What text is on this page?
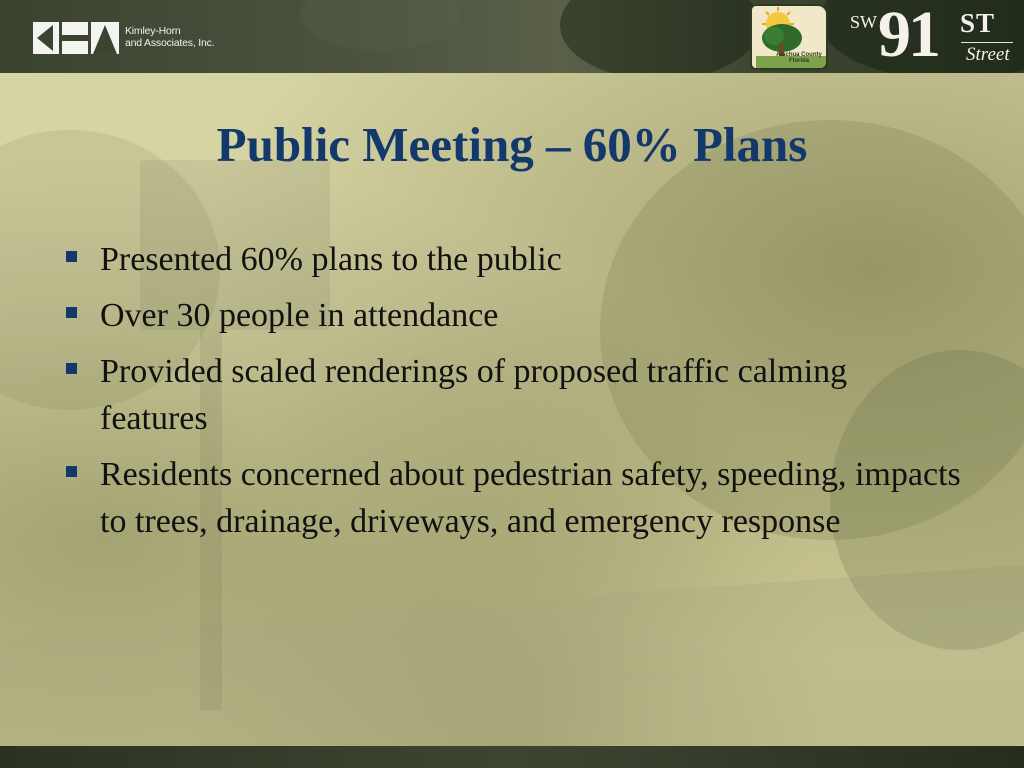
Kimley-Horn
and Associates, Inc.
Alachua County
Florida
SW 91 ST
Street
Public Meeting – 60% Plans
Presented 60% plans to the public
Over 30 people in attendance
Provided scaled renderings of proposed traffic calming features
Residents concerned about pedestrian safety, speeding, impacts to trees, drainage, driveways, and emergency response
